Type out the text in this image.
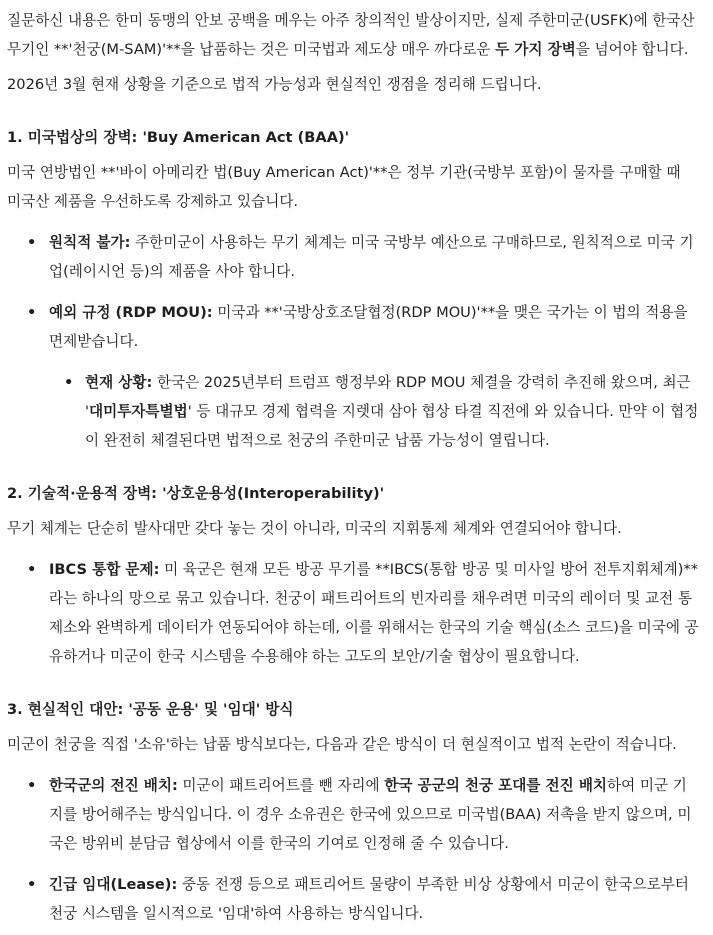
질문하신 내용은 한미 동맹의 안보 공백을 메우는 아주 창의적인 발상이지만, 실제 주한미군(USFK)에 한국산 무기인 **'천궁(M-SAM)'**을 납품하는 것은 미국법과 제도상 매우 까다로운 두 가지 장벽을 넘어야 합니다.

2026년 3월 현재 상황을 기준으로 법적 가능성과 현실적인 쟁점을 정리해 드립니다.

1. 미국법상의 장벽: 'Buy American Act (BAA)'

미국 연방법인 **'바이 아메리칸 법(Buy American Act)'**은 정부 기관(국방부 포함)이 물자를 구매할 때 미국산 제품을 우선하도록 강제하고 있습니다.

• 원칙적 불가: 주한미군이 사용하는 무기 체계는 미국 국방부 예산으로 구매하므로, 원칙적으로 미국 기업(레이시언 등)의 제품을 사야 합니다.
• 예외 규정 (RDP MOU): 미국과 **'국방상호조달협정(RDP MOU)'**을 맺은 국가는 이 법의 적용을 면제받습니다.
• 현재 상황: 한국은 2025년부터 트럼프 행정부와 RDP MOU 체결을 강력히 추진해 왔으며, 최근 '대미투자특별법' 등 대규모 경제 협력을 지렛대 삼아 협상 타결 직전에 와 있습니다. 만약 이 협정이 완전히 체결된다면 법적으로 천궁의 주한미군 납품 가능성이 열립니다.
2. 기술적·운용적 장벽: '상호운용성(Interoperability)'

무기 체계는 단순히 발사대만 갖다 놓는 것이 아니라, 미국의 지휘통제 체계와 연결되어야 합니다.

• IBCS 통합 문제: 미 육군은 현재 모든 방공 무기를 **IBCS(통합 방공 및 미사일 방어 전투지휘체계)**라는 하나의 망으로 묶고 있습니다. 천궁이 패트리어트의 빈자리를 채우려면 미국의 레이더 및 교전 통제소와 완벽하게 데이터가 연동되어야 하는데, 이를 위해서는 한국의 기술 핵심(소스 코드)을 미국에 공유하거나 미군이 한국 시스템을 수용해야 하는 고도의 보안/기술 협상이 필요합니다.
3. 현실적인 대안: '공동 운용' 및 '임대' 방식

미군이 천궁을 직접 '소유'하는 납품 방식보다는, 다음과 같은 방식이 더 현실적이고 법적 논란이 적습니다.

• 한국군의 전진 배치: 미군이 패트리어트를 뺀 자리에 한국 공군의 천궁 포대를 전진 배치하여 미군 기지를 방어해주는 방식입니다. 이 경우 소유권은 한국에 있으므로 미국법(BAA) 저촉을 받지 않으며, 미국은 방위비 분담금 협상에서 이를 한국의 기여로 인정해 줄 수 있습니다.
• 긴급 임대(Lease): 중동 전쟁 등으로 패트리어트 물량이 부족한 비상 상황에서 미군이 한국으로부터 천궁 시스템을 일시적으로 '임대'하여 사용하는 방식입니다.
